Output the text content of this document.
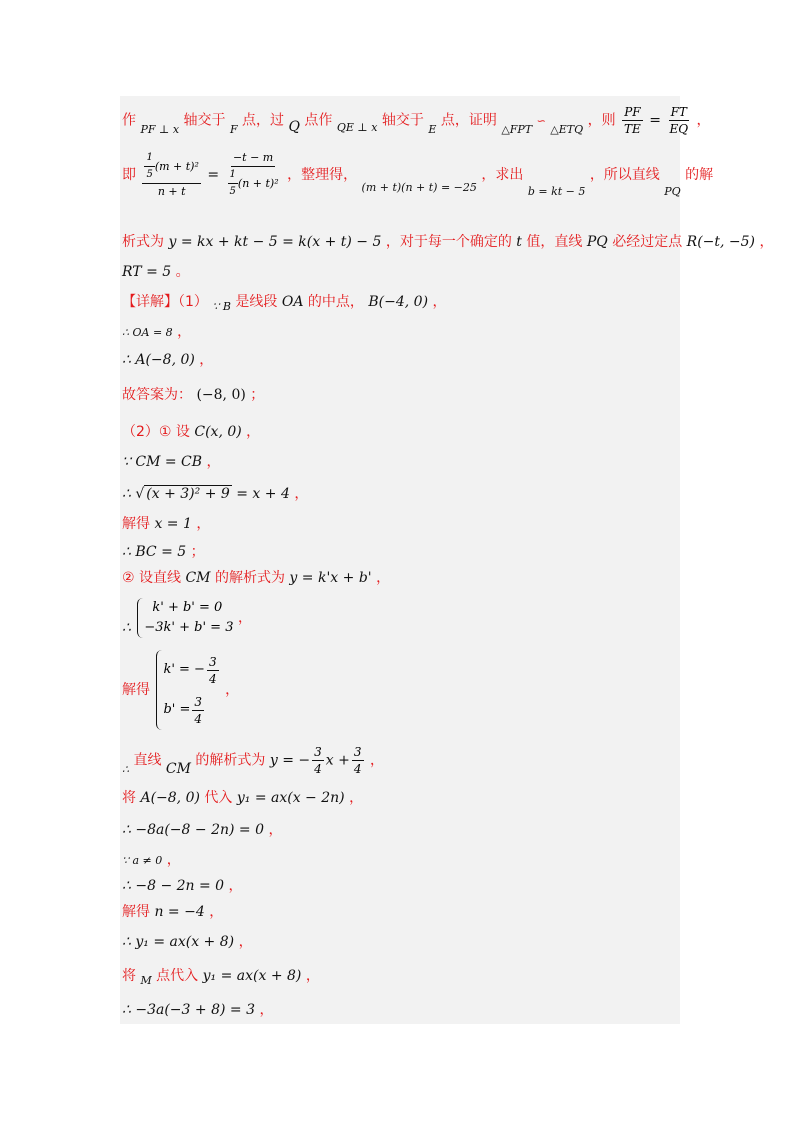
作 $_{PF \perp x}$ 轴交于 $_F$ 点，过 Q 点作 $_{QE \perp x}$ 轴交于 $_E$ 点，证明 $_{\triangle FPT}$ ∽ $_{\triangle ETQ}$ ，则 $\frac{PF}{TE} = \frac{FT}{EQ}$ ，
即 $\frac{\frac{1}{5} (m + t)^2}{n + t} = \frac{-t - m}{\frac{1}{5} (n + t)^2}$ ，整理得， $_{(m + t)(n + t) = -25}$ ，求出 $_{b = kt - 5}$ ，所以直线 $_{PQ}$ 的解
析式为 y = kx + kt − 5 = k(x + t) − 5 ，对于每一个确定的 t 值，直线 PQ 必经过定点 R(−t, −5) ，
RT = 5 。
【详解】（1） $_{\because B}$ 是线段 OA 的中点， B(−4, 0) ，
∴ OA = 8 ，
∴ A(−8, 0) ，
故答案为： (−8, 0) ；
（2）① 设 C(x, 0) ，
∵ CM = CB ，
∴ √ (x + 3)² + 9 = x + 4 ，
解得 x = 1 ，
∴ BC = 5 ；
② 设直线 CM 的解析式为 y = k'x + b' ，
∴
k' + b' = 0
−3k' + b' = 3
，
解得
k' = − $\frac{3}{4}$
$b' = \frac{3}{4}$
，
$_\therefore$ 直线 CM 的解析式为 y = − $\frac{3}{4}$ $x + \frac{3}{4}$ ，
将 A(−8, 0) 代入 y₁ = ax(x − 2n) ，
∴ −8a(−8 − 2n) = 0 ，
∵ a ≠ 0 ，
∴ −8 − 2n = 0 ，
解得 n = −4 ，
∴ y₁ = ax(x + 8) ，
将 $_M$ 点代入 y₁ = ax(x + 8) ，
∴ −3a(−3 + 8) = 3 ，
